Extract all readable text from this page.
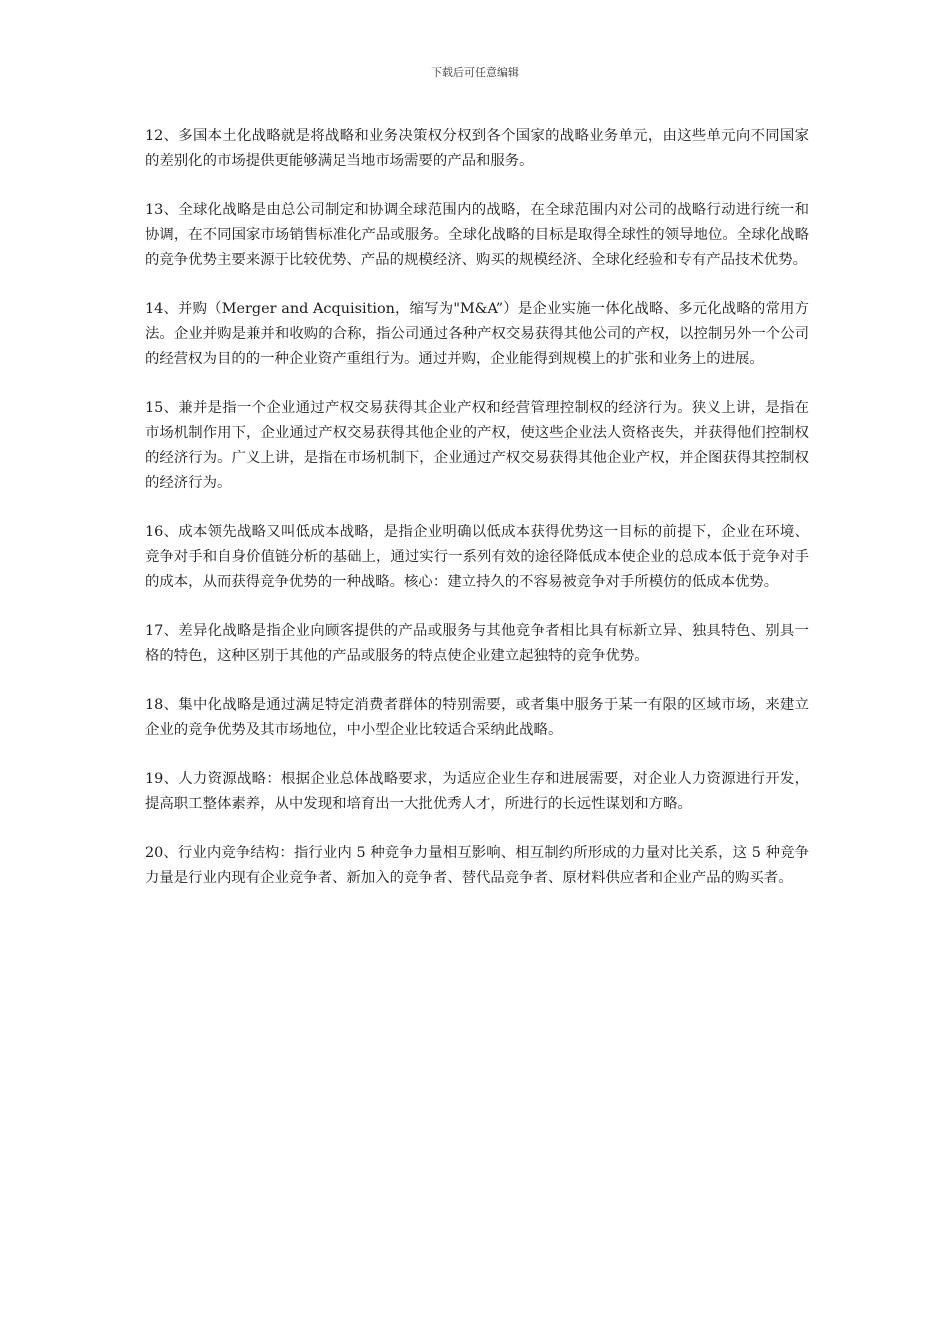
下载后可任意编辑

12、多国本土化战略就是将战略和业务决策权分权到各个国家的战略业务单元，由这些单元向不同国家的差别化的市场提供更能够满足当地市场需要的产品和服务。

13、全球化战略是由总公司制定和协调全球范围内的战略，在全球范围内对公司的战略行动进行统一和协调，在不同国家市场销售标准化产品或服务。全球化战略的目标是取得全球性的领导地位。全球化战略的竞争优势主要来源于比较优势、产品的规模经济、购买的规模经济、全球化经验和专有产品技术优势。

14、并购（Merger and Acquisition，缩写为"M&A”）是企业实施一体化战略、多元化战略的常用方法。企业并购是兼并和收购的合称，指公司通过各种产权交易获得其他公司的产权，以控制另外一个公司的经营权为目的的一种企业资产重组行为。通过并购，企业能得到规模上的扩张和业务上的进展。

15、兼并是指一个企业通过产权交易获得其企业产权和经营管理控制权的经济行为。狭义上讲，是指在市场机制作用下，企业通过产权交易获得其他企业的产权，使这些企业法人资格丧失，并获得他们控制权的经济行为。广义上讲，是指在市场机制下，企业通过产权交易获得其他企业产权，并企图获得其控制权的经济行为。

16、成本领先战略又叫低成本战略，是指企业明确以低成本获得优势这一目标的前提下，企业在环境、竞争对手和自身价值链分析的基础上，通过实行一系列有效的途径降低成本使企业的总成本低于竞争对手的成本，从而获得竞争优势的一种战略。核心：建立持久的不容易被竞争对手所模仿的低成本优势。

17、差异化战略是指企业向顾客提供的产品或服务与其他竞争者相比具有标新立异、独具特色、别具一格的特色，这种区别于其他的产品或服务的特点使企业建立起独特的竞争优势。

18、集中化战略是通过满足特定消费者群体的特别需要，或者集中服务于某一有限的区域市场，来建立企业的竞争优势及其市场地位，中小型企业比较适合采纳此战略。

19、人力资源战略：根据企业总体战略要求，为适应企业生存和进展需要，对企业人力资源进行开发，提高职工整体素养，从中发现和培育出一大批优秀人才，所进行的长远性谋划和方略。

20、行业内竞争结构：指行业内 5 种竞争力量相互影响、相互制约所形成的力量对比关系，这 5 种竞争力量是行业内现有企业竞争者、新加入的竞争者、替代品竞争者、原材料供应者和企业产品的购买者。
